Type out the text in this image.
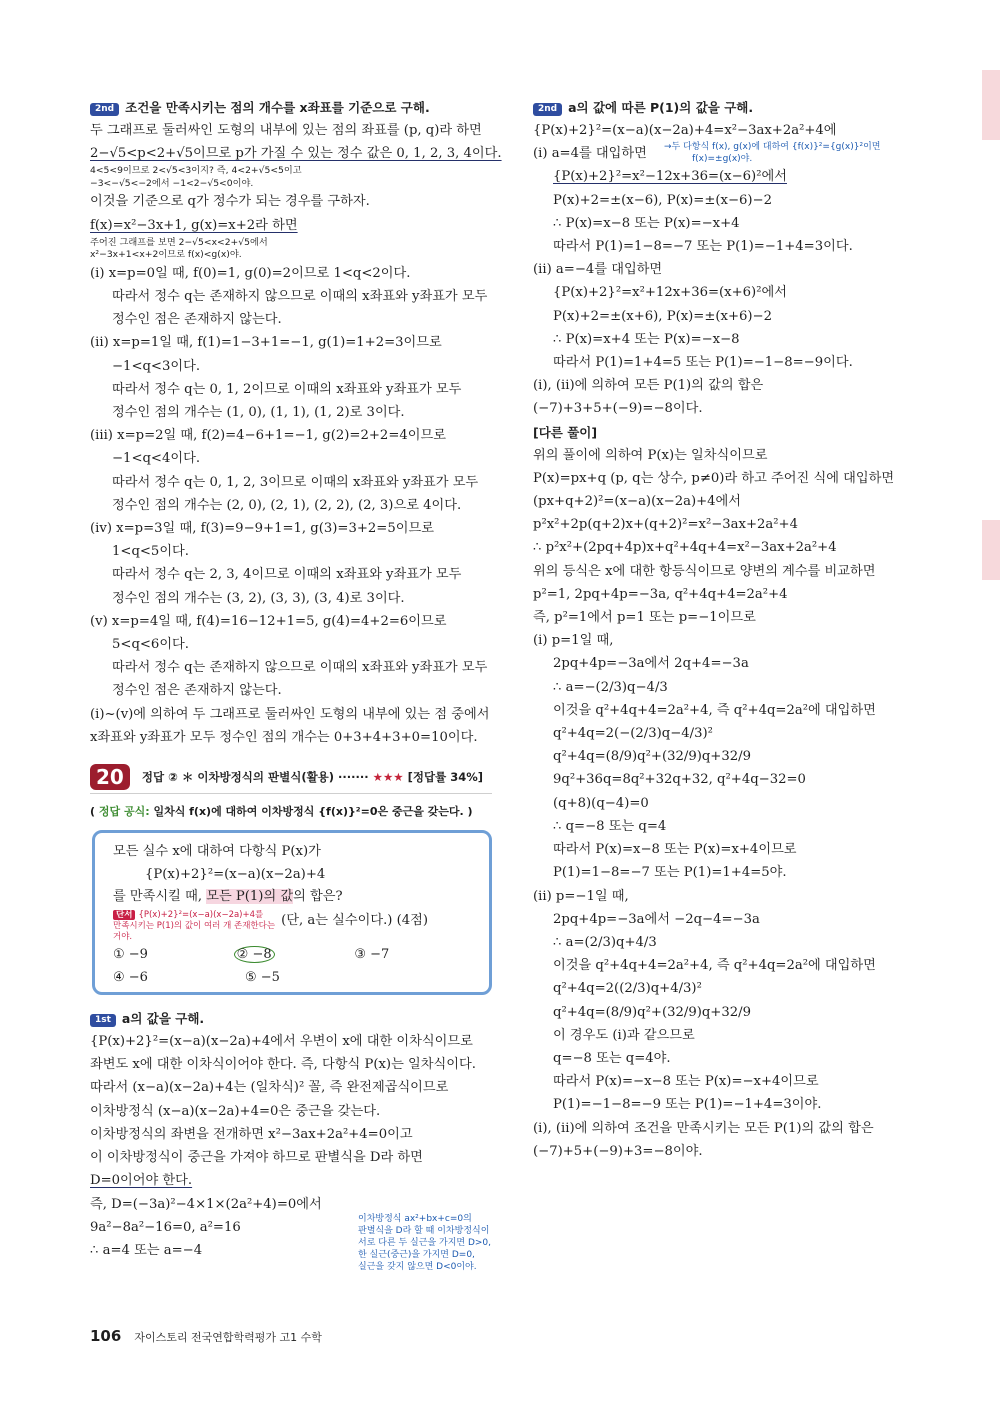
2nd 조건을 만족시키는 점의 개수를 x좌표를 기준으로 구해.
두 그래프로 둘러싸인 도형의 내부에 있는 점의 좌표를 (p, q)라 하면
2−√5<p<2+√5이므로 p가 가질 수 있는 정수 값은 0, 1, 2, 3, 4이다.
4<5<9이므로 2<√5<3이지? 즉, 4<2+√5<5이고
−3<−√5<−2에서 −1<2−√5<0이야.
이것을 기준으로 q가 정수가 되는 경우를 구하자.
f(x)=x²−3x+1, g(x)=x+2라 하면
주어진 그래프를 보면 2−√5<x<2+√5에서
x²−3x+1<x+2이므로 f(x)<g(x)야.
(i) x=p=0일 때, f(0)=1, g(0)=2이므로 1<q<2이다.
따라서 정수 q는 존재하지 않으므로 이때의 x좌표와 y좌표가 모두
정수인 점은 존재하지 않는다.
(ii) x=p=1일 때, f(1)=1−3+1=−1, g(1)=1+2=3이므로
−1<q<3이다.
따라서 정수 q는 0, 1, 2이므로 이때의 x좌표와 y좌표가 모두
정수인 점의 개수는 (1, 0), (1, 1), (1, 2)로 3이다.
(iii) x=p=2일 때, f(2)=4−6+1=−1, g(2)=2+2=4이므로
−1<q<4이다.
따라서 정수 q는 0, 1, 2, 3이므로 이때의 x좌표와 y좌표가 모두
정수인 점의 개수는 (2, 0), (2, 1), (2, 2), (2, 3)으로 4이다.
(iv) x=p=3일 때, f(3)=9−9+1=1, g(3)=3+2=5이므로
1<q<5이다.
따라서 정수 q는 2, 3, 4이므로 이때의 x좌표와 y좌표가 모두
정수인 점의 개수는 (3, 2), (3, 3), (3, 4)로 3이다.
(v) x=p=4일 때, f(4)=16−12+1=5, g(4)=4+2=6이므로
5<q<6이다.
따라서 정수 q는 존재하지 않으므로 이때의 x좌표와 y좌표가 모두
정수인 점은 존재하지 않는다.
(i)~(v)에 의하여 두 그래프로 둘러싸인 도형의 내부에 있는 점 중에서
x좌표와 y좌표가 모두 정수인 점의 개수는 0+3+4+3+0=10이다.
20	정답 ② ＊ 이차방정식의 판별식(활용) ······· ★★★ [정답률 34%]
( 정답 공식: 일차식 f(x)에 대하여 이차방정식 {f(x)}²=0은 중근을 갖는다. )
모든 실수 x에 대하여 다항식 P(x)가
{P(x)+2}²=(x−a)(x−2a)+4
를 만족시킬 때, 모든 P(1)의 값의 합은?
단서 {P(x)+2}²=(x−a)(x−2a)+4를
만족시키는 P(1)의 값이 여러 개 존재한다는
거야.
(단, a는 실수이다.) (4점)
① −9	② −8	③ −7
④ −6	⑤ −5
1st a의 값을 구해.
{P(x)+2}²=(x−a)(x−2a)+4에서 우변이 x에 대한 이차식이므로
좌변도 x에 대한 이차식이어야 한다. 즉, 다항식 P(x)는 일차식이다.
따라서 (x−a)(x−2a)+4는 (일차식)² 꼴, 즉 완전제곱식이므로
이차방정식 (x−a)(x−2a)+4=0은 중근을 갖는다.
이차방정식의 좌변을 전개하면 x²−3ax+2a²+4=0이고
이 이차방정식이 중근을 가져야 하므로 판별식을 D라 하면
D=0이어야 한다.
즉, D=(−3a)²−4×1×(2a²+4)=0에서
9a²−8a²−16=0, a²=16
∴ a=4 또는 a=−4
이차방정식 ax²+bx+c=0의
판별식을 D라 할 때 이차방정식이
서로 다른 두 실근을 가지면 D>0,
한 실근(중근)을 가지면 D=0,
실근을 갖지 않으면 D<0이야.
2nd a의 값에 따른 P(1)의 값을 구해.
{P(x)+2}²=(x−a)(x−2a)+4=x²−3ax+2a²+4에
(i) a=4를 대입하면
{P(x)+2}²=x²−12x+36=(x−6)²에서
P(x)+2=±(x−6), P(x)=±(x−6)−2
∴ P(x)=x−8 또는 P(x)=−x+4
따라서 P(1)=1−8=−7 또는 P(1)=−1+4=3이다.
(ii) a=−4를 대입하면
{P(x)+2}²=x²+12x+36=(x+6)²에서
P(x)+2=±(x+6), P(x)=±(x+6)−2
∴ P(x)=x+4 또는 P(x)=−x−8
따라서 P(1)=1+4=5 또는 P(1)=−1−8=−9이다.
(i), (ii)에 의하여 모든 P(1)의 값의 합은
(−7)+3+5+(−9)=−8이다.
[다른 풀이]
위의 풀이에 의하여 P(x)는 일차식이므로
P(x)=px+q (p, q는 상수, p≠0)라 하고 주어진 식에 대입하면
(px+q+2)²=(x−a)(x−2a)+4에서
p²x²+2p(q+2)x+(q+2)²=x²−3ax+2a²+4
∴ p²x²+(2pq+4p)x+q²+4q+4=x²−3ax+2a²+4
위의 등식은 x에 대한 항등식이므로 양변의 계수를 비교하면
p²=1, 2pq+4p=−3a, q²+4q+4=2a²+4
즉, p²=1에서 p=1 또는 p=−1이므로
(i) p=1일 때,
2pq+4p=−3a에서 2q+4=−3a
∴ a=−(2/3)q−4/3
이것을 q²+4q+4=2a²+4, 즉 q²+4q=2a²에 대입하면
q²+4q=2(−(2/3)q−4/3)²
q²+4q=(8/9)q²+(32/9)q+32/9
9q²+36q=8q²+32q+32, q²+4q−32=0
(q+8)(q−4)=0
∴ q=−8 또는 q=4
따라서 P(x)=x−8 또는 P(x)=x+4이므로
P(1)=1−8=−7 또는 P(1)=1+4=5야.
(ii) p=−1일 때,
2pq+4p=−3a에서 −2q−4=−3a
∴ a=(2/3)q+4/3
이것을 q²+4q+4=2a²+4, 즉 q²+4q=2a²에 대입하면
q²+4q=2((2/3)q+4/3)²
q²+4q=(8/9)q²+(32/9)q+32/9
이 경우도 (i)과 같으므로
q=−8 또는 q=4야.
따라서 P(x)=−x−8 또는 P(x)=−x+4이므로
P(1)=−1−8=−9 또는 P(1)=−1+4=3이야.
(i), (ii)에 의하여 조건을 만족시키는 모든 P(1)의 값의 합은
(−7)+5+(−9)+3=−8이야.
→두 다항식 f(x), g(x)에 대하여 {f(x)}²={g(x)}²이면
f(x)=±g(x)야.
106 자이스토리 전국연합학력평가 고1 수학
